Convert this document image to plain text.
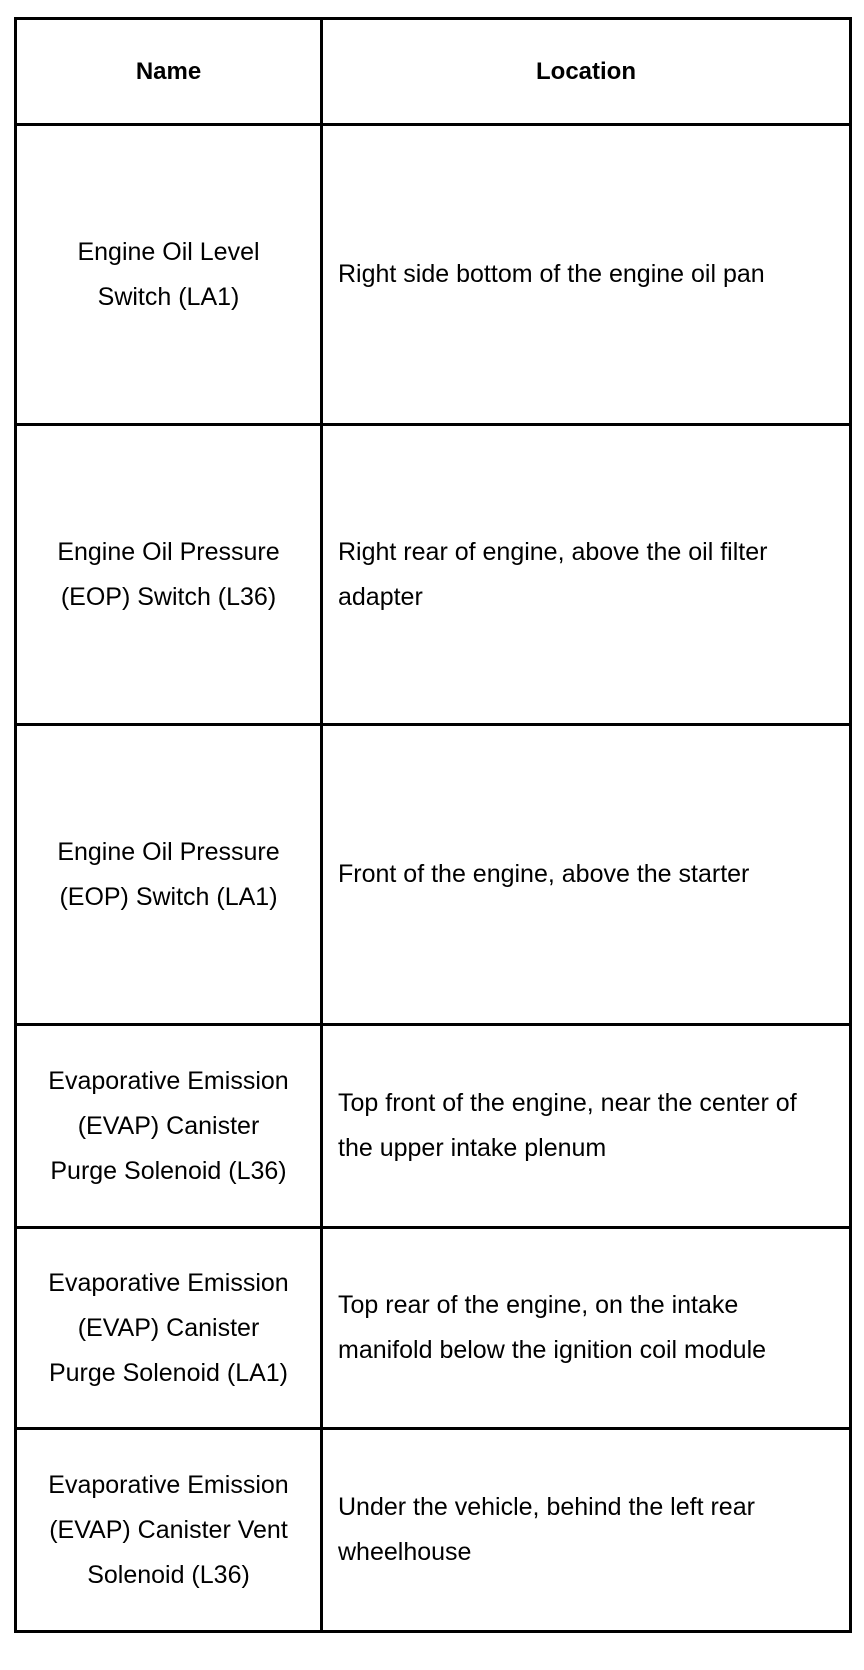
Name	Location
Engine Oil Level Switch (LA1)	Right side bottom of the engine oil pan
Engine Oil Pressure (EOP) Switch (L36)	Right rear of engine, above the oil filter adapter
Engine Oil Pressure (EOP) Switch (LA1)	Front of the engine, above the starter
Evaporative Emission (EVAP) Canister Purge Solenoid (L36)	Top front of the engine, near the center of the upper intake plenum
Evaporative Emission (EVAP) Canister Purge Solenoid (LA1)	Top rear of the engine, on the intake manifold below the ignition coil module
Evaporative Emission (EVAP) Canister Vent Solenoid (L36)	Under the vehicle, behind the left rear wheelhouse
